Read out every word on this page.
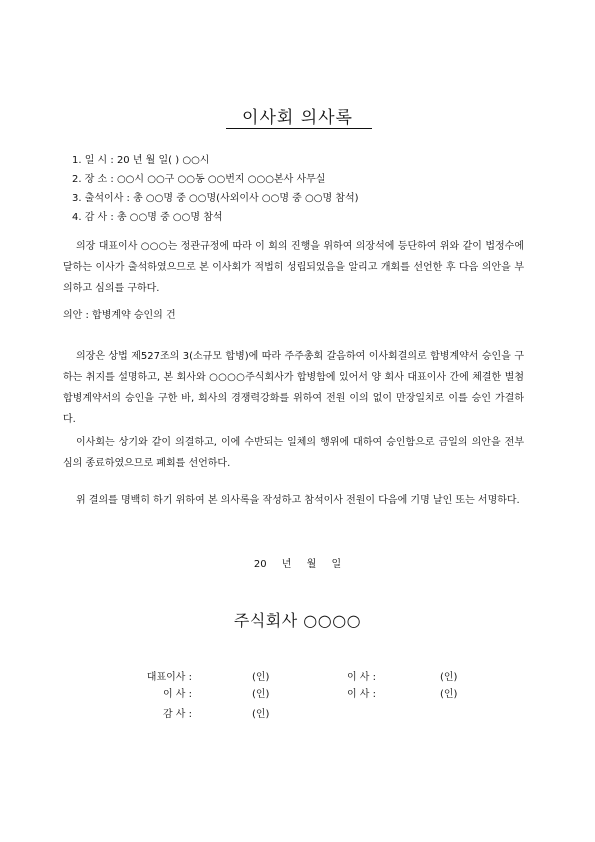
이사회 의사록
1. 일 시 : 20 년 월 일( ) ○○시
2. 장 소 : ○○시 ○○구 ○○동 ○○번지 ○○○본사 사무실
3. 출석이사 : 총 ○○명 중 ○○명(사외이사 ○○명 중 ○○명 참석)
4. 감 사 : 총 ○○명 중 ○○명 참석

의장 대표이사 ○○○는 정관규정에 따라 이 회의 진행을 위하여 의장석에 등단하여 위와 같이 법정수에 달하는 이사가 출석하였으므로 본 이사회가 적법히 성립되었음을 알리고 개회를 선언한 후 다음 의안을 부의하고 심의를 구하다.

의안 : 합병계약 승인의 건

의장은 상법 제527조의 3(소규모 합병)에 따라 주주총회 갈음하여 이사회결의로 합병계약서 승인을 구하는 취지를 설명하고, 본 회사와 ○○○○주식회사가 합병함에 있어서 양 회사 대표이사 간에 체결한 별첨 합병계약서의 승인을 구한 바, 회사의 경쟁력강화를 위하여 전원 이의 없이 만장일치로 이를 승인 가결하다.

이사회는 상기와 같이 의결하고, 이에 수반되는 일체의 행위에 대하여 승인함으로 금일의 의안을 전부 심의 종료하였으므로 폐회를 선언하다.

위 결의를 명백히 하기 위하여 본 의사록을 작성하고 참석이사 전원이 다음에 기명 날인 또는 서명하다.

20 년 월 일
주식회사 ○○○○
대표이사 :	(인)	이 사 :	(인)
이 사 :	(인)	이 사 :	(인)
감 사 :	(인)
